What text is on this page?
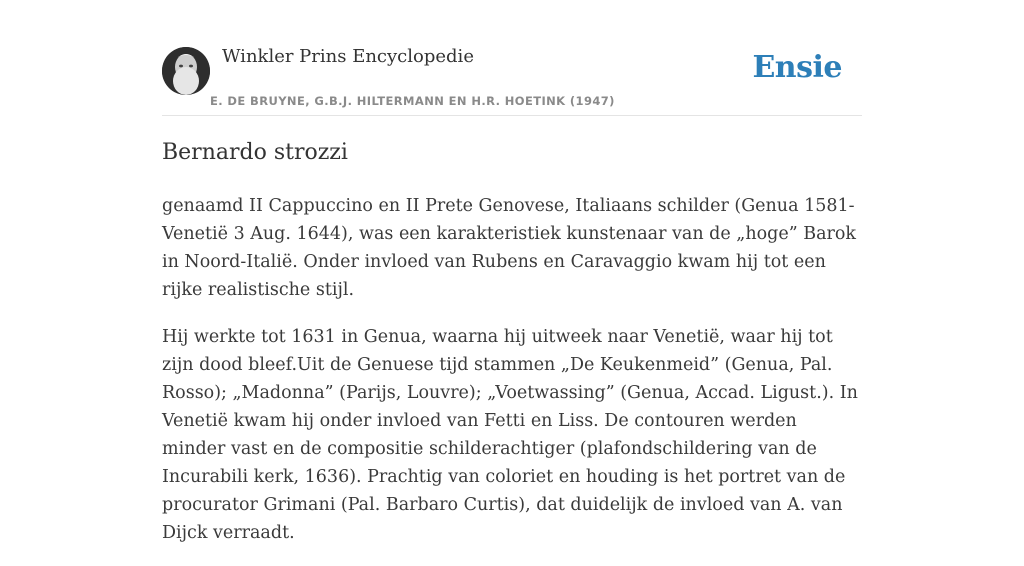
Winkler Prins Encyclopedie
E. DE BRUYNE, G.B.J. HILTERMANN EN H.R. HOETINK (1947)
Ensie
Bernardo strozzi

genaamd II Cappuccino en II Prete Genovese, Italiaans schilder (Genua 1581-Venetië 3 Aug. 1644), was een karakteristiek kunstenaar van de „hoge” Barok in Noord-Italië. Onder invloed van Rubens en Caravaggio kwam hij tot een rijke realistische stijl.

Hij werkte tot 1631 in Genua, waarna hij uitweek naar Venetië, waar hij tot zijn dood bleef.Uit de Genuese tijd stammen „De Keukenmeid” (Genua, Pal. Rosso); „Madonna” (Parijs, Louvre); „Voetwassing” (Genua, Accad. Ligust.). In Venetië kwam hij onder invloed van Fetti en Liss. De contouren werden minder vast en de compositie schilderachtiger (plafondschildering van de Incurabili kerk, 1636). Prachtig van coloriet en houding is het portret van de procurator Grimani (Pal. Barbaro Curtis), dat duidelijk de invloed van A. van Dijck verraadt.
